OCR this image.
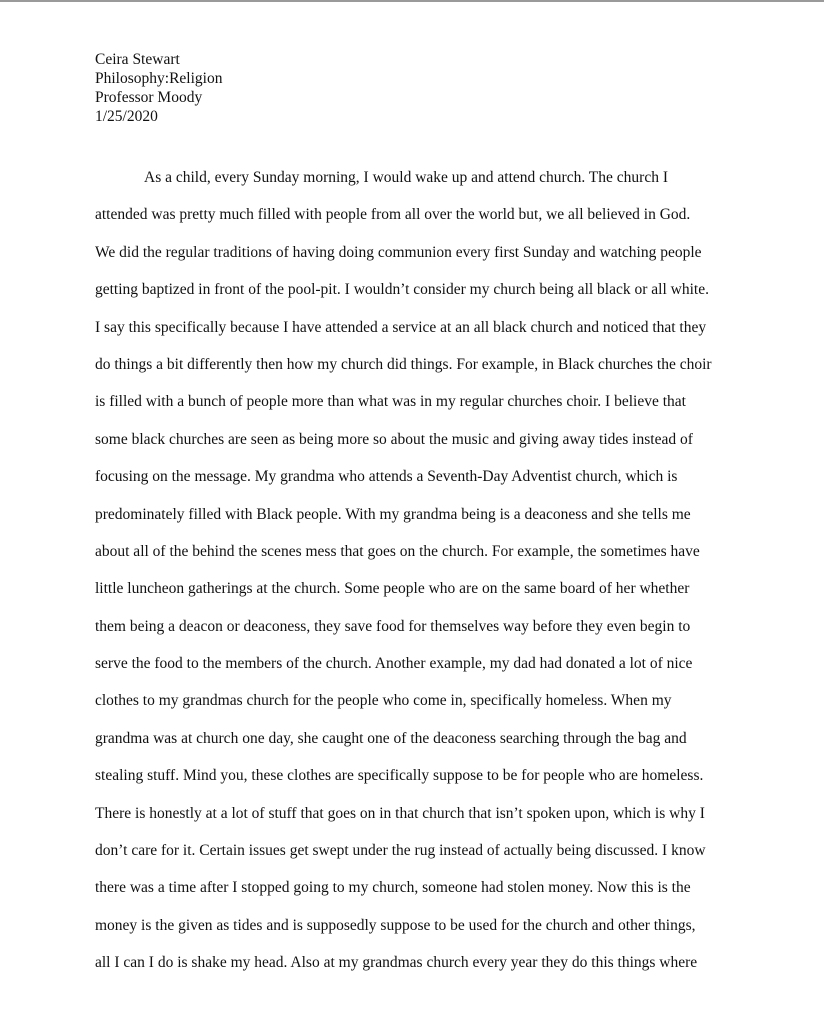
Ceira Stewart
Philosophy:Religion
Professor Moody
1/25/2020
As a child, every Sunday morning, I would wake up and attend church. The church I
attended was pretty much filled with people from all over the world but, we all believed in God.
We did the regular traditions of having doing communion every first Sunday and watching people
getting baptized in front of the pool-pit. I wouldn’t consider my church being all black or all white.
I say this specifically because I have attended a service at an all black church and noticed that they
do things a bit differently then how my church did things. For example, in Black churches the choir
is filled with a bunch of people more than what was in my regular churches choir. I believe that
some black churches are seen as being more so about the music and giving away tides instead of
focusing on the message. My grandma who attends a Seventh-Day Adventist church, which is
predominately filled with Black people. With my grandma being is a deaconess and she tells me
about all of the behind the scenes mess that goes on the church. For example, the sometimes have
little luncheon gatherings at the church. Some people who are on the same board of her whether
them being a deacon or deaconess, they save food for themselves way before they even begin to
serve the food to the members of the church. Another example, my dad had donated a lot of nice
clothes to my grandmas church for the people who come in, specifically homeless. When my
grandma was at church one day, she caught one of the deaconess searching through the bag and
stealing stuff. Mind you, these clothes are specifically suppose to be for people who are homeless.
There is honestly at a lot of stuff that goes on in that church that isn’t spoken upon, which is why I
don’t care for it. Certain issues get swept under the rug instead of actually being discussed. I know
there was a time after I stopped going to my church, someone had stolen money. Now this is the
money is the given as tides and is supposedly suppose to be used for the church and other things,
all I can I do is shake my head. Also at my grandmas church every year they do this things where
